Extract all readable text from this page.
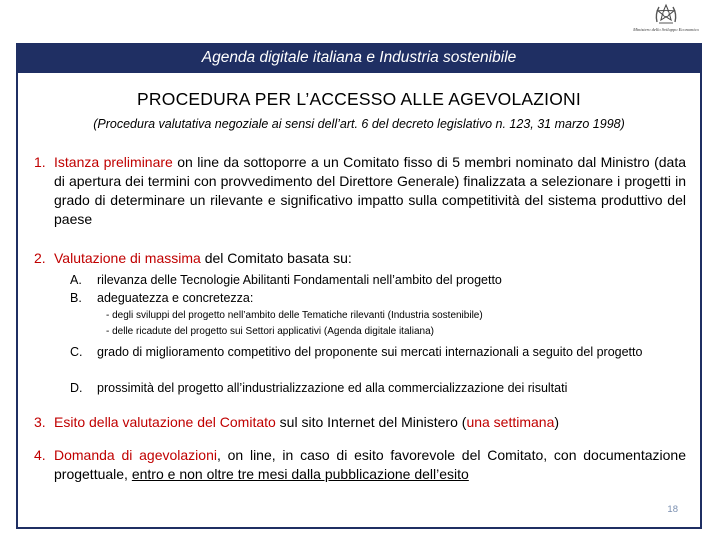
Ministero dello Sviluppo Economico
Agenda digitale italiana e Industria sostenibile
PROCEDURA PER L’ACCESSO ALLE AGEVOLAZIONI
(Procedura valutativa negoziale ai sensi dell’art. 6 del decreto legislativo n. 123, 31 marzo 1998)
1. Istanza preliminare on line da sottoporre a un Comitato fisso di 5 membri nominato dal Ministro (data di apertura dei termini con provvedimento del Direttore Generale) finalizzata a selezionare i progetti in grado di determinare un rilevante e significativo impatto sulla competitività del sistema produttivo del paese
2. Valutazione di massima del Comitato basata su:
A. rilevanza delle Tecnologie Abilitanti Fondamentali nell’ambito del progetto
B. adeguatezza e concretezza:
- degli sviluppi del progetto nell’ambito delle Tematiche rilevanti (Industria sostenibile)
- delle ricadute del progetto sui Settori applicativi (Agenda digitale italiana)
C. grado di miglioramento competitivo del proponente sui mercati internazionali a seguito del progetto
D. prossimità del progetto all’industrializzazione ed alla commercializzazione dei risultati
3. Esito della valutazione del Comitato sul sito Internet del Ministero (una settimana)
4. Domanda di agevolazioni, on line, in caso di esito favorevole del Comitato, con documentazione progettuale, entro e non oltre tre mesi dalla pubblicazione dell’esito
18
